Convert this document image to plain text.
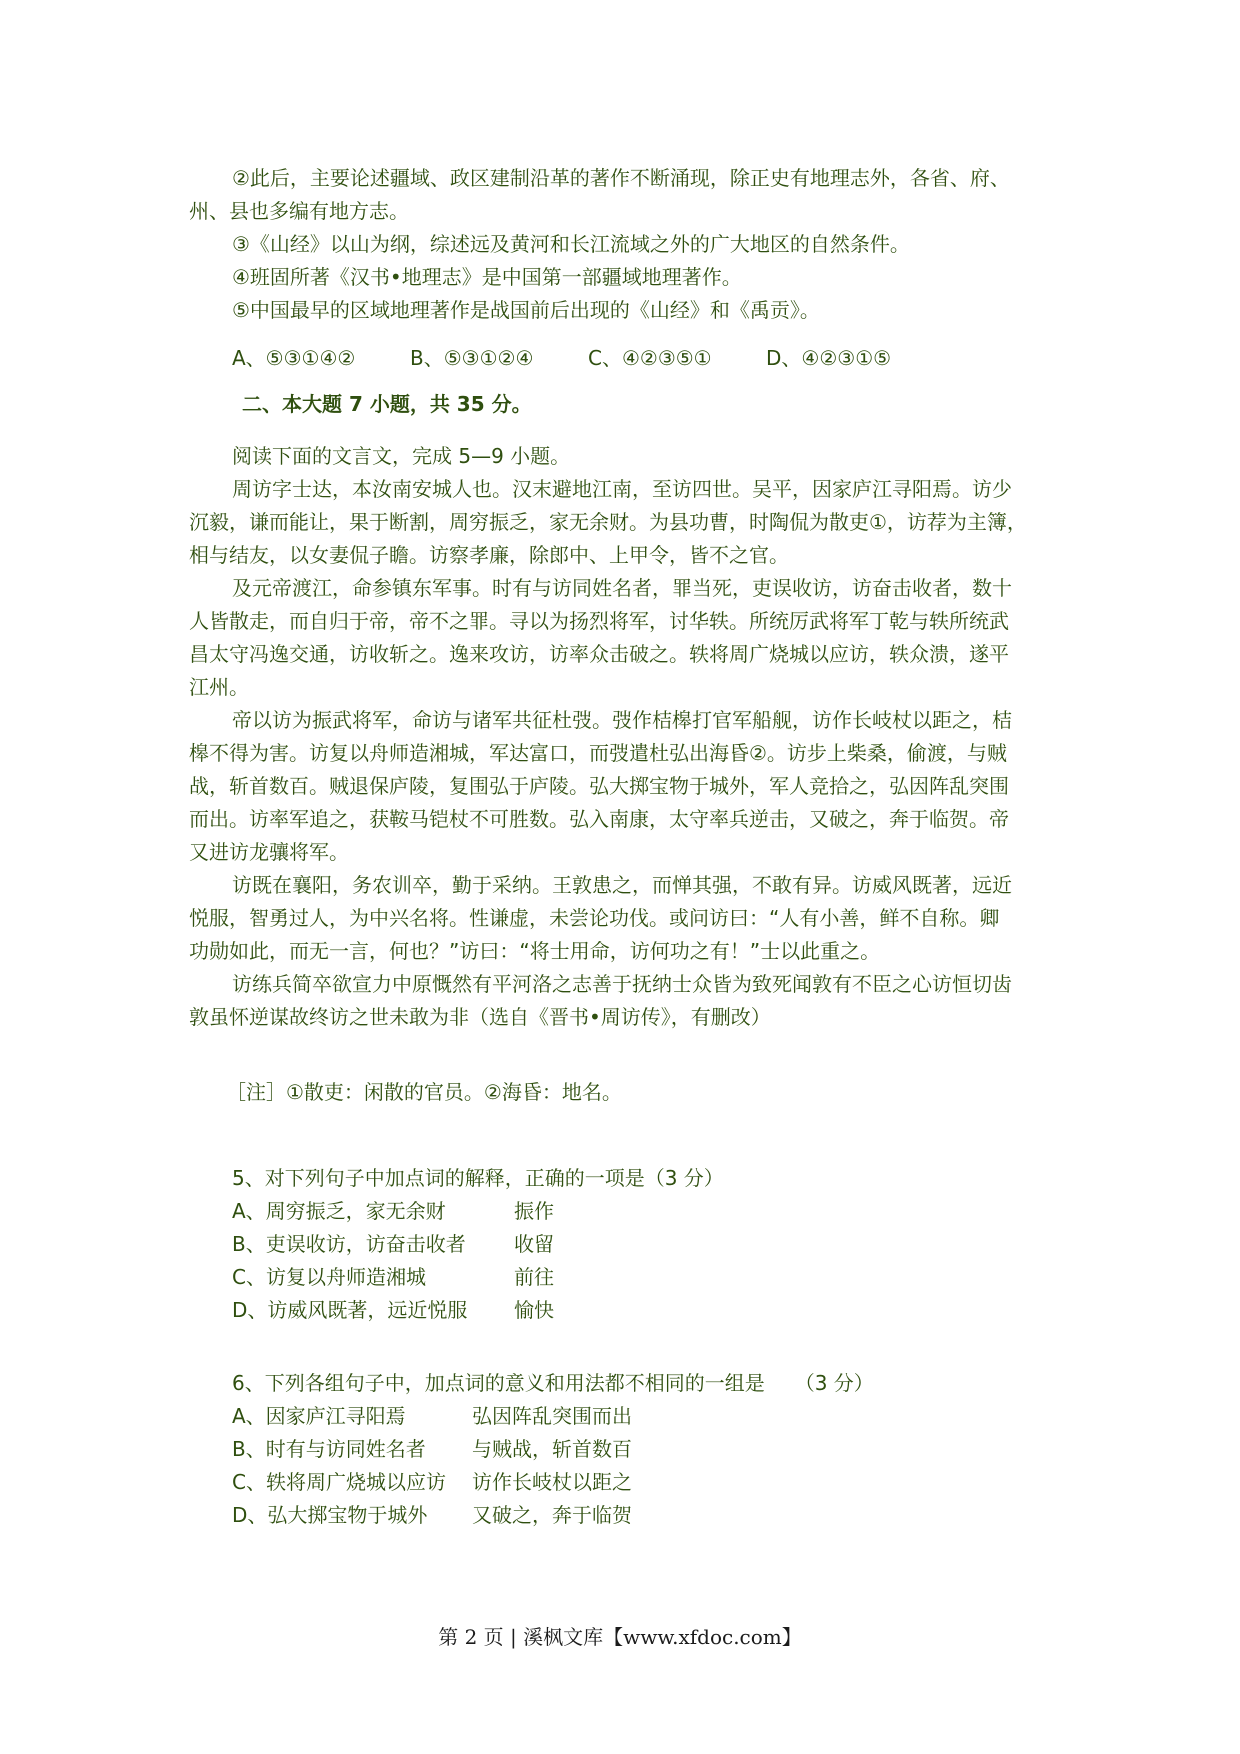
②此后，主要论述疆域、政区建制沿革的著作不断涌现，除正史有地理志外，各省、府、
州、县也多编有地方志。
③《山经》以山为纲，综述远及黄河和长江流域之外的广大地区的自然条件。
④班固所著《汉书•地理志》是中国第一部疆域地理著作。
⑤中国最早的区域地理著作是战国前后出现的《山经》和《禹贡》。
A、⑤③①④②	B、⑤③①②④	C、④②③⑤①	D、④②③①⑤
二、本大题 7 小题，共 35 分。
阅读下面的文言文，完成 5—9 小题。
周访字士达，本汝南安城人也。汉末避地江南，至访四世。吴平，因家庐江寻阳焉。访少
沉毅，谦而能让，果于断割，周穷振乏，家无余财。为县功曹，时陶侃为散吏①，访荐为主簿，
相与结友，以女妻侃子瞻。访察孝廉，除郎中、上甲令，皆不之官。
及元帝渡江，命参镇东军事。时有与访同姓名者，罪当死，吏误收访，访奋击收者，数十
人皆散走，而自归于帝，帝不之罪。寻以为扬烈将军，讨华轶。所统厉武将军丁乾与轶所统武
昌太守冯逸交通，访收斩之。逸来攻访，访率众击破之。轶将周广烧城以应访，轶众溃，遂平
江州。
帝以访为振武将军，命访与诸军共征杜弢。弢作桔槔打官军船舰，访作长岐杖以距之，桔
槔不得为害。访复以舟师造湘城，军达富口，而弢遣杜弘出海昏②。访步上柴桑，偷渡，与贼
战，斩首数百。贼退保庐陵，复围弘于庐陵。弘大掷宝物于城外，军人竞拾之，弘因阵乱突围
而出。访率军追之，获鞍马铠杖不可胜数。弘入南康，太守率兵逆击，又破之，奔于临贺。帝
又进访龙骧将军。
访既在襄阳，务农训卒，勤于采纳。王敦患之，而惮其强，不敢有异。访威风既著，远近
悦服，智勇过人，为中兴名将。性谦虚，未尝论功伐。或问访曰：“人有小善，鲜不自称。卿
功勋如此，而无一言，何也？”访曰：“将士用命，访何功之有！”士以此重之。
访练兵简卒欲宣力中原慨然有平河洛之志善于抚纳士众皆为致死闻敦有不臣之心访恒切齿
敦虽怀逆谋故终访之世未敢为非（选自《晋书•周访传》，有删改）
［注］①散吏：闲散的官员。②海昏：地名。
5、对下列句子中加点词的解释，正确的一项是（3 分）
A、周穷振乏，家无余财	振作
B、吏误收访，访奋击收者 收留
C、访复以舟师造湘城	前往
D、访威风既著，远近悦服 愉快
6、下列各组句子中，加点词的意义和用法都不相同的一组是　　（3 分）
A、因家庐江寻阳焉	弘因阵乱突围而出
B、时有与访同姓名者 与贼战，斩首数百
C、轶将周广烧城以应访 访作长岐杖以距之
D、弘大掷宝物于城外 又破之，奔于临贺
第 2 页 | 溪枫文库【www.xfdoc.com】
